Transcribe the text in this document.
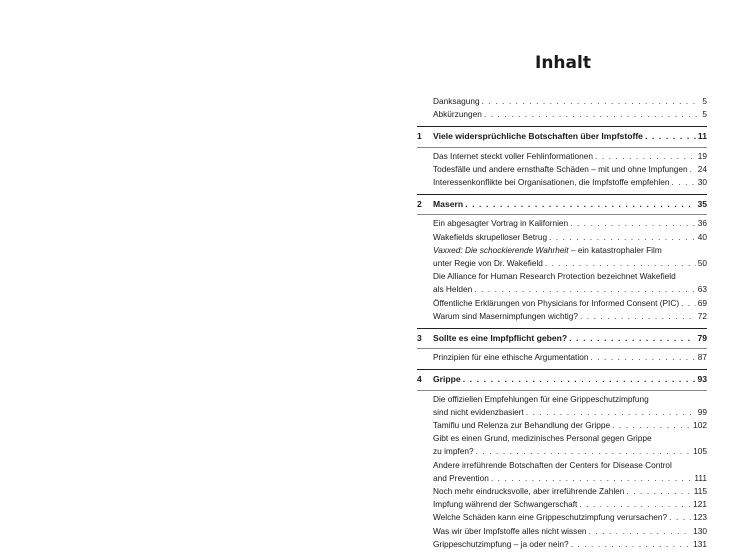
Inhalt
Danksagung . . .	5
Abkürzungen . . .	5
1	Viele widersprüchliche Botschaften über Impfstoffe . . .	11
Das Internet steckt voller Fehlinformationen . . .	19
Todesfälle und andere ernsthafte Schäden – mit und ohne Impfungen . . . 24
Interessenkonflikte bei Organisationen, die Impfstoffe empfehlen . . .	30
2	Masern . . .	35
Ein abgesagter Vortrag in Kalifornien . . .	36
Wakefields skrupelloser Betrug . . .	40
Vaxxed: Die schockierende Wahrheit – ein katastrophaler Film
unter Regie von Dr. Wakefield . . .	50
Die Alliance for Human Research Protection bezeichnet Wakefield
als Helden . . .	63
Öffentliche Erklärungen von Physicians for Informed Consent (PIC) . . . 69
Warum sind Masernimpfungen wichtig? . . .	72
3	Sollte es eine Impfpflicht geben? . . .	79
Prinzipien für eine ethische Argumentation . . .	87
4	Grippe . . .	93
Die offiziellen Empfehlungen für eine Grippeschutzimpfung
sind nicht evidenzbasiert . . .	99
Tamiflu und Relenza zur Behandlung der Grippe . . .	102
Gibt es einen Grund, medizinisches Personal gegen Grippe
zu impfen? . . .	105
Andere irreführende Botschaften der Centers for Disease Control
and Prevention . . .	111
Noch mehr eindrucksvolle, aber irreführende Zahlen . . .	115
Impfung während der Schwangerschaft . . .	121
Welche Schäden kann eine Grippeschutzimpfung verursachen? . . .	123
Was wir über Impfstoffe alles nicht wissen . . .	130
Grippeschutzimpfung – ja oder nein? . . .	131
